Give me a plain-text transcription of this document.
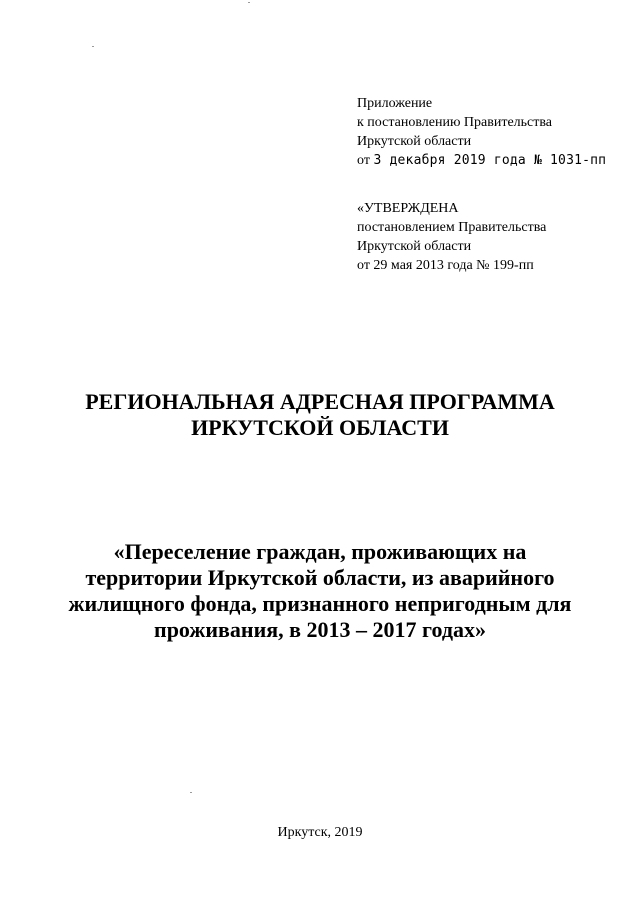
Приложение
к постановлению Правительства
Иркутской области
от 3 декабря 2019 года № 1031-пп
«УТВЕРЖДЕНА
постановлением Правительства
Иркутской области
от 29 мая 2013 года № 199-пп
РЕГИОНАЛЬНАЯ АДРЕСНАЯ ПРОГРАММА
ИРКУТСКОЙ ОБЛАСТИ
«Переселение граждан, проживающих на
территории Иркутской области, из аварийного
жилищного фонда, признанного непригодным для
проживания, в 2013 – 2017 годах»
Иркутск, 2019
